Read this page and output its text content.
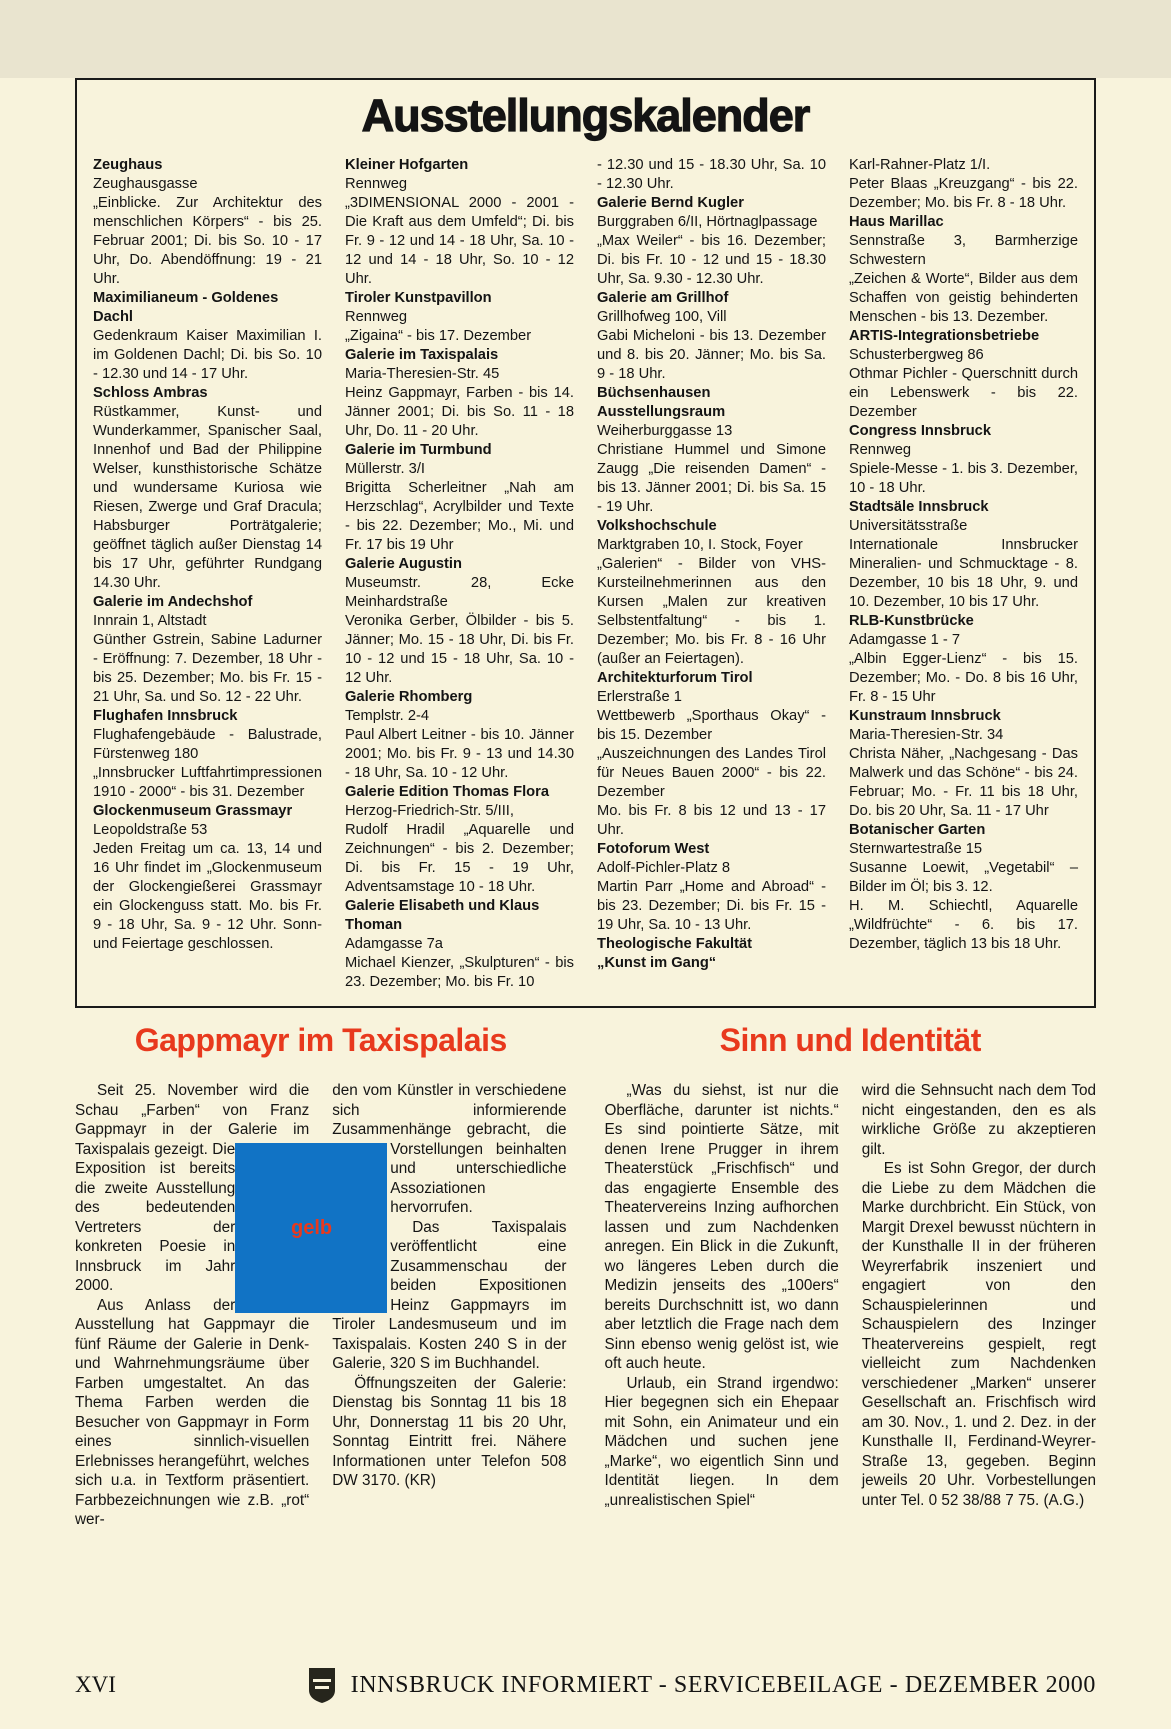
Ausstellungskalender

Zeughaus

Zeughausgasse

„Einblicke. Zur Architektur des menschlichen Körpers“ - bis 25. Februar 2001; Di. bis So. 10 - 17 Uhr, Do. Abendöffnung: 19 - 21 Uhr.

Maximilianeum - Goldenes Dachl

Gedenkraum Kaiser Maximilian I. im Goldenen Dachl; Di. bis So. 10 - 12.30 und 14 - 17 Uhr.

Schloss Ambras

Rüstkammer, Kunst- und Wunderkammer, Spanischer Saal, Innenhof und Bad der Philippine Welser, kunsthistorische Schätze und wundersame Kuriosa wie Riesen, Zwerge und Graf Dracula; Habsburger Porträtgalerie; geöffnet täglich außer Dienstag 14 bis 17 Uhr, geführter Rundgang 14.30 Uhr.

Galerie im Andechshof

Innrain 1, Altstadt

Günther Gstrein, Sabine Ladurner - Eröffnung: 7. Dezember, 18 Uhr - bis 25. Dezember; Mo. bis Fr. 15 - 21 Uhr, Sa. und So. 12 - 22 Uhr.

Flughafen Innsbruck

Flughafengebäude - Balustrade, Fürstenweg 180

„Innsbrucker Luftfahrtimpressionen 1910 - 2000“ - bis 31. Dezember

Glockenmuseum Grassmayr

Leopoldstraße 53

Jeden Freitag um ca. 13, 14 und 16 Uhr findet im „Glockenmuseum der Glockengießerei Grassmayr ein Glockenguss statt. Mo. bis Fr. 9 - 18 Uhr, Sa. 9 - 12 Uhr. Sonn- und Feiertage geschlossen.

Kleiner Hofgarten

Rennweg

„3DIMENSIONAL 2000 - 2001 - Die Kraft aus dem Umfeld“; Di. bis Fr. 9 - 12 und 14 - 18 Uhr, Sa. 10 - 12 und 14 - 18 Uhr, So. 10 - 12 Uhr.

Tiroler Kunstpavillon

Rennweg

„Zigaina“ - bis 17. Dezember

Galerie im Taxispalais

Maria-Theresien-Str. 45

Heinz Gappmayr, Farben - bis 14. Jänner 2001; Di. bis So. 11 - 18 Uhr, Do. 11 - 20 Uhr.

Galerie im Turmbund

Müllerstr. 3/I

Brigitta Scherleitner „Nah am Herzschlag“, Acrylbilder und Texte - bis 22. Dezember; Mo., Mi. und Fr. 17 bis 19 Uhr

Galerie Augustin

Museumstr. 28, Ecke Meinhardstraße

Veronika Gerber, Ölbilder - bis 5. Jänner; Mo. 15 - 18 Uhr, Di. bis Fr. 10 - 12 und 15 - 18 Uhr, Sa. 10 - 12 Uhr.

Galerie Rhomberg

Templstr. 2-4

Paul Albert Leitner - bis 10. Jänner 2001; Mo. bis Fr. 9 - 13 und 14.30 - 18 Uhr, Sa. 10 - 12 Uhr.

Galerie Edition Thomas Flora

Herzog-Friedrich-Str. 5/III,

Rudolf Hradil „Aquarelle und Zeichnungen“ - bis 2. Dezember; Di. bis Fr. 15 - 19 Uhr, Adventsamstage 10 - 18 Uhr.

Galerie Elisabeth und Klaus Thoman

Adamgasse 7a

Michael Kienzer, „Skulpturen“ - bis 23. Dezember; Mo. bis Fr. 10

- 12.30 und 15 - 18.30 Uhr, Sa. 10 - 12.30 Uhr.

Galerie Bernd Kugler

Burggraben 6/II, Hörtnaglpassage

„Max Weiler“ - bis 16. Dezember; Di. bis Fr. 10 - 12 und 15 - 18.30 Uhr, Sa. 9.30 - 12.30 Uhr.

Galerie am Grillhof

Grillhofweg 100, Vill

Gabi Micheloni - bis 13. Dezember und 8. bis 20. Jänner; Mo. bis Sa. 9 - 18 Uhr.

Büchsenhausen Ausstellungsraum

Weiherburggasse 13

Christiane Hummel und Simone Zaugg „Die reisenden Damen“ - bis 13. Jänner 2001; Di. bis Sa. 15 - 19 Uhr.

Volkshochschule

Marktgraben 10, I. Stock, Foyer

„Galerien“ - Bilder von VHS-Kursteilnehmerinnen aus den Kursen „Malen zur kreativen Selbstentfaltung“ - bis 1. Dezember; Mo. bis Fr. 8 - 16 Uhr (außer an Feiertagen).

Architekturforum Tirol

Erlerstraße 1

Wettbewerb „Sporthaus Okay“ - bis 15. Dezember

„Auszeichnungen des Landes Tirol für Neues Bauen 2000“ - bis 22. Dezember

Mo. bis Fr. 8 bis 12 und 13 - 17 Uhr.

Fotoforum West

Adolf-Pichler-Platz 8

Martin Parr „Home and Abroad“ - bis 23. Dezember; Di. bis Fr. 15 - 19 Uhr, Sa. 10 - 13 Uhr.

Theologische Fakultät

„Kunst im Gang“

Karl-Rahner-Platz 1/I.

Peter Blaas „Kreuzgang“ - bis 22. Dezember; Mo. bis Fr. 8 - 18 Uhr.

Haus Marillac

Sennstraße 3, Barmherzige Schwestern

„Zeichen & Worte“, Bilder aus dem Schaffen von geistig behinderten Menschen - bis 13. Dezember.

ARTIS-Integrationsbetriebe

Schusterbergweg 86

Othmar Pichler - Querschnitt durch ein Lebenswerk - bis 22. Dezember

Congress Innsbruck

Rennweg

Spiele-Messe - 1. bis 3. Dezember, 10 - 18 Uhr.

Stadtsäle Innsbruck

Universitätsstraße

Internationale Innsbrucker Mineralien- und Schmucktage - 8. Dezember, 10 bis 18 Uhr, 9. und 10. Dezember, 10 bis 17 Uhr.

RLB-Kunstbrücke

Adamgasse 1 - 7

„Albin Egger-Lienz“ - bis 15. Dezember; Mo. - Do. 8 bis 16 Uhr, Fr. 8 - 15 Uhr

Kunstraum Innsbruck

Maria-Theresien-Str. 34

Christa Näher, „Nachgesang - Das Malwerk und das Schöne“ - bis 24. Februar; Mo. - Fr. 11 bis 18 Uhr, Do. bis 20 Uhr, Sa. 11 - 17 Uhr

Botanischer Garten

Sternwartestraße 15

Susanne Loewit, „Vegetabil“ – Bilder im Öl; bis 3. 12.

H. M. Schiechtl, Aquarelle „Wildfrüchte“ - 6. bis 17. Dezember, täglich 13 bis 18 Uhr.

Gappmayr im Taxispalais

Seit 25. November wird die Schau „Farben“ von Franz Gappmayr in der Galerie im Taxispalais gezeigt. Die Exposition ist bereits die zweite Ausstellung des bedeutenden Vertreters der konkreten Poesie in Innsbruck im Jahr 2000.

Aus Anlass der Ausstellung hat Gappmayr die fünf Räume der Galerie in Denk- und Wahrnehmungsräume über Farben umgestaltet. An das Thema Farben werden die Besucher von Gappmayr in Form eines sinnlich-visuellen Erlebnisses herangeführt, welches sich u.a. in Textform präsentiert. Farbbezeichnungen wie z.B. „rot“ wer-

den vom Künstler in verschiedene sich informierende Zusammenhänge gebracht, die Vorstellungen beinhalten und unterschiedliche Assoziationen hervorrufen.

Das Taxispalais veröffentlicht eine Zusammenschau der beiden Expositionen Heinz Gappmayrs im Tiroler Landesmuseum und im Taxispalais. Kosten 240 S in der Galerie, 320 S im Buchhandel.

Öffnungszeiten der Galerie: Dienstag bis Sonntag 11 bis 18 Uhr, Donnerstag 11 bis 20 Uhr, Sonntag Eintritt frei. Nähere Informationen unter Telefon 508 DW 3170. (KR)

gelb
Sinn und Identität

„Was du siehst, ist nur die Oberfläche, darunter ist nichts.“ Es sind pointierte Sätze, mit denen Irene Prugger in ihrem Theaterstück „Frischfisch“ und das engagierte Ensemble des Theatervereins Inzing aufhorchen lassen und zum Nachdenken anregen. Ein Blick in die Zukunft, wo längeres Leben durch die Medizin jenseits des „100ers“ bereits Durchschnitt ist, wo dann aber letztlich die Frage nach dem Sinn ebenso wenig gelöst ist, wie oft auch heute.

Urlaub, ein Strand irgendwo: Hier begegnen sich ein Ehepaar mit Sohn, ein Animateur und ein Mädchen und suchen jene „Marke“, wo eigentlich Sinn und Identität liegen. In dem „unrealistischen Spiel“

wird die Sehnsucht nach dem Tod nicht eingestanden, den es als wirkliche Größe zu akzeptieren gilt.

Es ist Sohn Gregor, der durch die Liebe zu dem Mädchen die Marke durchbricht. Ein Stück, von Margit Drexel bewusst nüchtern in der Kunsthalle II in der früheren Weyrerfabrik inszeniert und engagiert von den Schauspielerinnen und Schauspielern des Inzinger Theatervereins gespielt, regt vielleicht zum Nachdenken verschiedener „Marken“ unserer Gesellschaft an. Frischfisch wird am 30. Nov., 1. und 2. Dez. in der Kunsthalle II, Ferdinand-Weyrer-Straße 13, gegeben. Beginn jeweils 20 Uhr. Vorbestellungen unter Tel. 0 52 38/88 7 75. (A.G.)

XVI	INNSBRUCK INFORMIERT - SERVICEBEILAGE - DEZEMBER 2000
